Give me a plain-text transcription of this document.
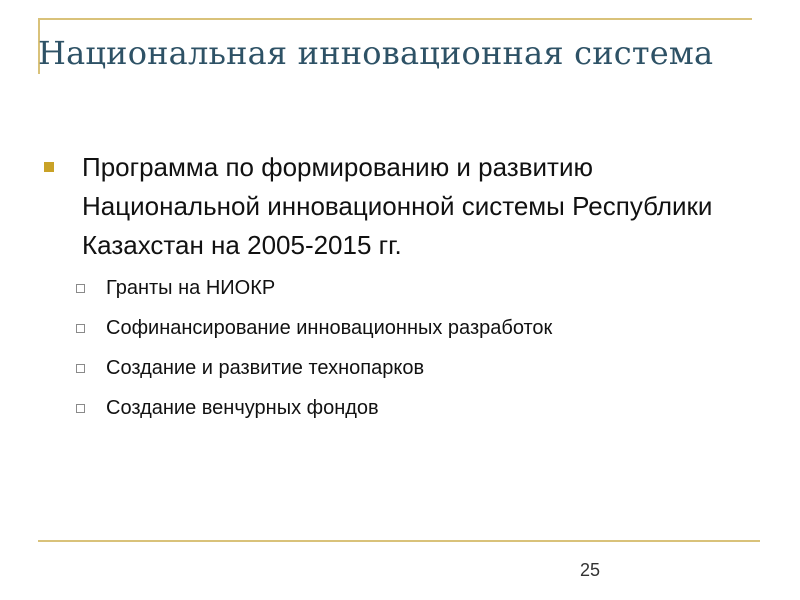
Национальная инновационная система
Программа по формированию и развитию Национальной инновационной системы Республики Казахстан на 2005-2015 гг.
Гранты на НИОКР
Софинансирование инновационных разработок
Создание и развитие технопарков
Создание венчурных фондов
25
